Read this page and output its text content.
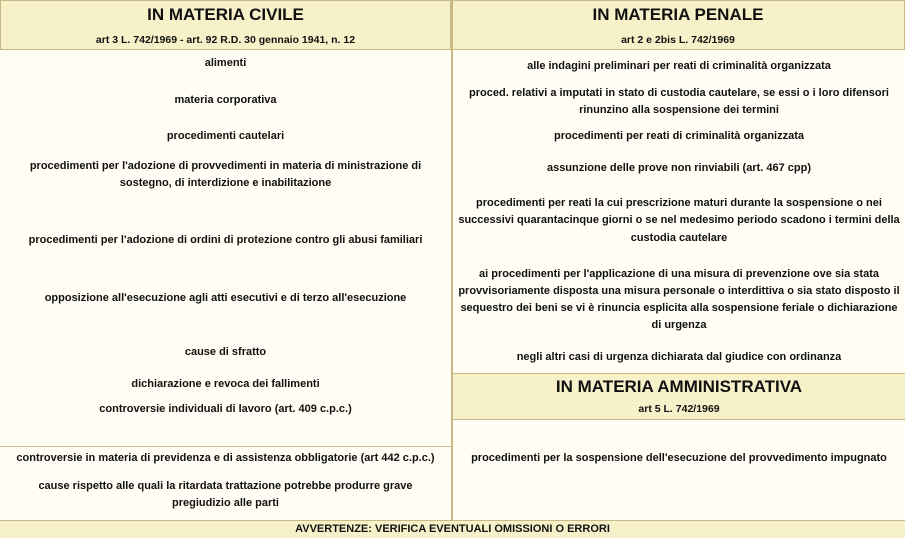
IN MATERIA CIVILE
art 3 L. 742/1969 - art. 92 R.D. 30 gennaio 1941, n. 12
IN MATERIA PENALE
art 2 e 2bis L. 742/1969
alimenti
materia corporativa
procedimenti cautelari
procedimenti per l'adozione di provvedimenti in materia di ministrazione di sostegno, di interdizione e inabilitazione
procedimenti per l'adozione di ordini di protezione contro gli abusi familiari
opposizione all'esecuzione agli atti esecutivi e di terzo all'esecuzione
cause di sfratto
dichiarazione e revoca dei fallimenti
controversie individuali di lavoro (art. 409 c.p.c.)
controversie in materia di previdenza e di assistenza obbligatorie (art 442 c.p.c.)
cause rispetto alle quali la ritardata trattazione potrebbe produrre grave pregiudizio alle parti
alle indagini preliminari per reati di criminalità organizzata
proced. relativi a imputati in stato di custodia cautelare, se essi o i loro difensori rinunzino alla sospensione dei termini
procedimenti per reati di criminalità organizzata
assunzione delle prove non rinviabili (art. 467 cpp)
procedimenti per reati la cui prescrizione maturi durante la sospensione o nei successivi quarantacinque giorni o se nel medesimo periodo scadono i termini della custodia cautelare
ai procedimenti per l'applicazione di una misura di prevenzione ove sia stata provvisoriamente disposta una misura personale o interdittiva o sia stato disposto il sequestro dei beni se vi è rinuncia esplicita alla sospensione feriale o dichiarazione di urgenza
negli altri casi di urgenza dichiarata dal giudice con ordinanza
IN MATERIA AMMINISTRATIVA
art 5 L. 742/1969
procedimenti per la sospensione dell'esecuzione del provvedimento impugnato
AVVERTENZE: VERIFICA EVENTUALI OMISSIONI O ERRORI
